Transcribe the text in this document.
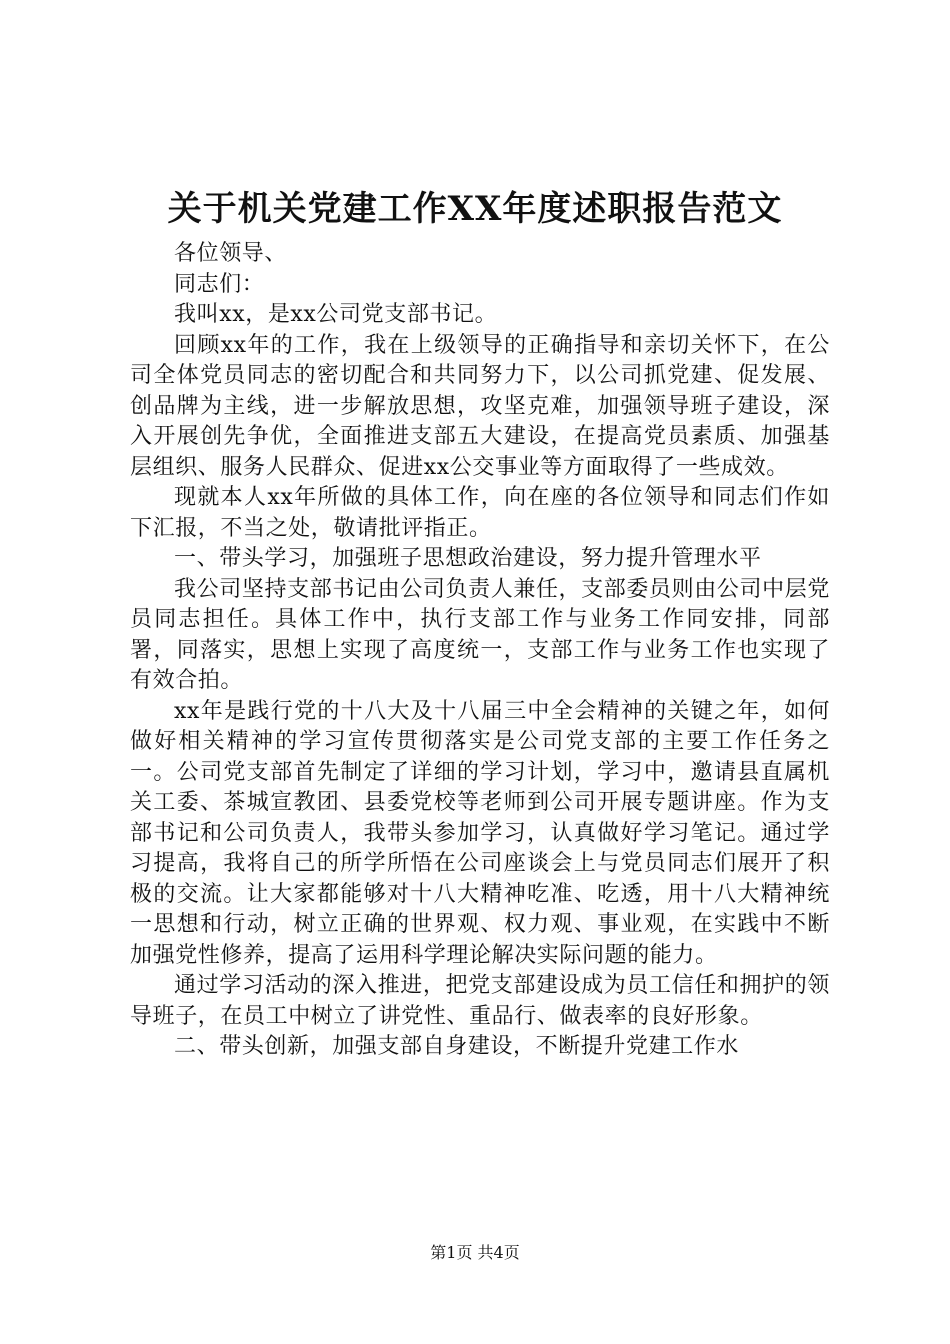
关于机关党建工作XX年度述职报告范文

各位领导、

同志们：

我叫xx，是xx公司党支部书记。

回顾xx年的工作，我在上级领导的正确指导和亲切关怀下，在公司全体党员同志的密切配合和共同努力下，以公司抓党建、促发展、创品牌为主线，进一步解放思想，攻坚克难，加强领导班子建设，深入开展创先争优，全面推进支部五大建设，在提高党员素质、加强基层组织、服务人民群众、促进xx公交事业等方面取得了一些成效。

现就本人xx年所做的具体工作，向在座的各位领导和同志们作如下汇报，不当之处，敬请批评指正。

一、带头学习，加强班子思想政治建设，努力提升管理水平

我公司坚持支部书记由公司负责人兼任，支部委员则由公司中层党员同志担任。具体工作中，执行支部工作与业务工作同安排，同部署，同落实，思想上实现了高度统一，支部工作与业务工作也实现了有效合拍。

xx年是践行党的十八大及十八届三中全会精神的关键之年，如何做好相关精神的学习宣传贯彻落实是公司党支部的主要工作任务之一。公司党支部首先制定了详细的学习计划，学习中，邀请县直属机关工委、茶城宣教团、县委党校等老师到公司开展专题讲座。作为支部书记和公司负责人，我带头参加学习，认真做好学习笔记。通过学习提高，我将自己的所学所悟在公司座谈会上与党员同志们展开了积极的交流。让大家都能够对十八大精神吃准、吃透，用十八大精神统一思想和行动，树立正确的世界观、权力观、事业观，在实践中不断加强党性修养，提高了运用科学理论解决实际问题的能力。

通过学习活动的深入推进，把党支部建设成为员工信任和拥护的领导班子，在员工中树立了讲党性、重品行、做表率的良好形象。

二、带头创新，加强支部自身建设，不断提升党建工作水

第1页 共4页
